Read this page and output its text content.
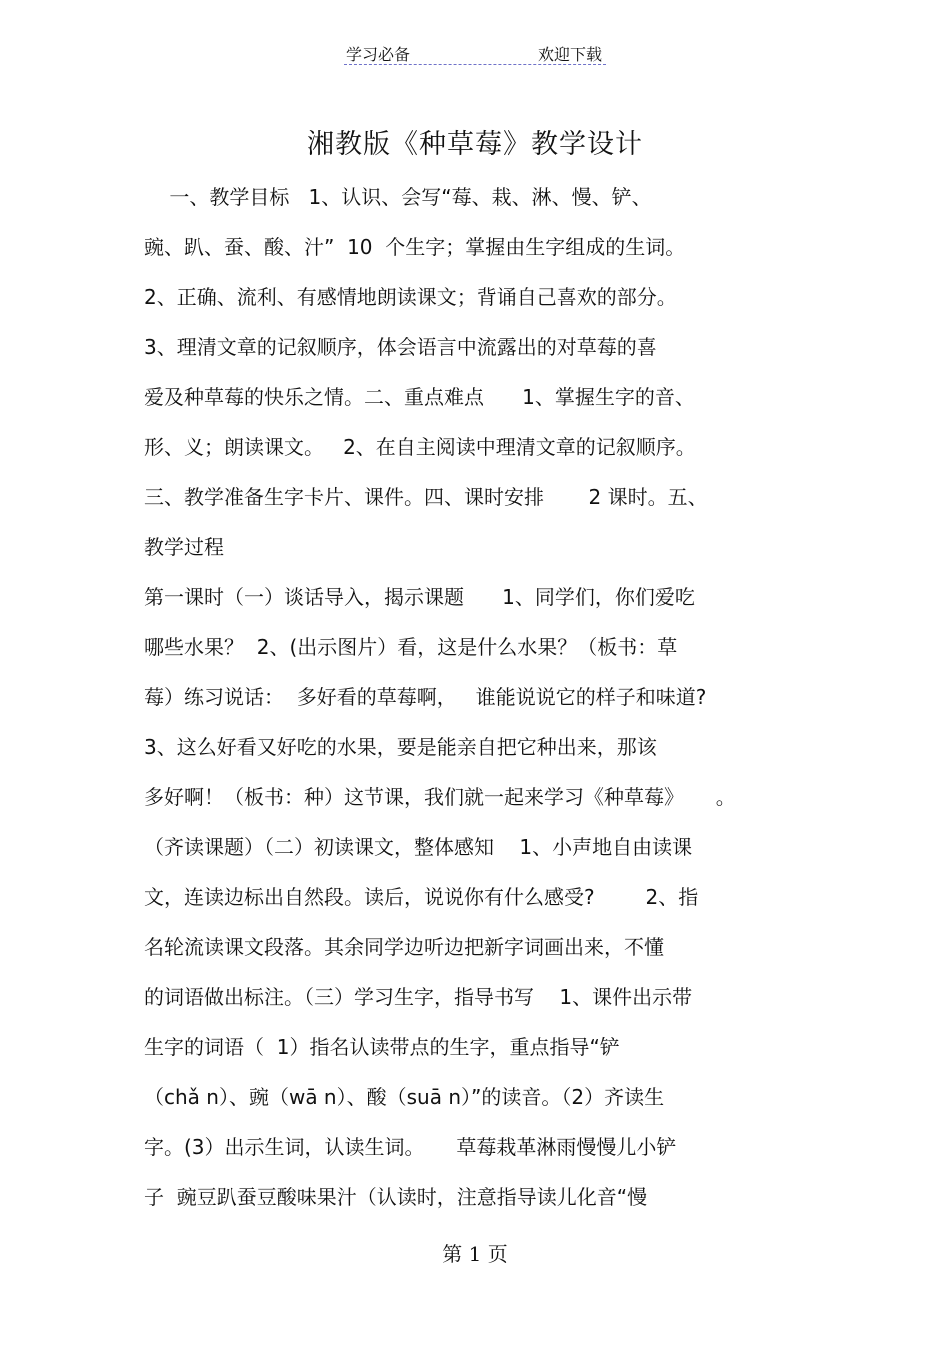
学习必备	欢迎下载
湘教版《种草莓》教学设计
一、教学目标   1、认识、会写“莓、栽、淋、慢、铲、
豌、趴、蚕、酸、汁”  10  个生字；掌握由生字组成的生词。
2、正确、流利、有感情地朗读课文；背诵自己喜欢的部分。
3、理清文章的记叙顺序，体会语言中流露出的对草莓的喜
爱及种草莓的快乐之情。二、重点难点      1、掌握生字的音、
形、义；朗读课文。   2、在自主阅读中理清文章的记叙顺序。
三、教学准备生字卡片、课件。四、课时安排       2 课时。五、
教学过程
第一课时（一）谈话导入，揭示课题      1、同学们，你们爱吃
哪些水果？  2、(出示图片）看，这是什么水果？（板书：草
莓）练习说话：  多好看的草莓啊，   谁能说说它的样子和味道?
3、这么好看又好吃的水果，要是能亲自把它种出来，那该
多好啊！（板书：种）这节课，我们就一起来学习《种草莓》     。
（齐读课题）（二）初读课文，整体感知    1、小声地自由读课
文，连读边标出自然段。读后，说说你有什么感受?        2、指
名轮流读课文段落。其余同学边听边把新字词画出来，不懂
的词语做出标注。（三）学习生字，指导书写    1、课件出示带
生字的词语（  1）指名认读带点的生字，重点指导“铲
（chǎ n）、豌（wā n）、酸（suā n）”的读音。（2）齐读生
字。(3）出示生词，认读生词。     草莓栽革淋雨慢慢儿小铲
子  豌豆趴蚕豆酸味果汁（认读时，注意指导读儿化音“慢
第 1 页
